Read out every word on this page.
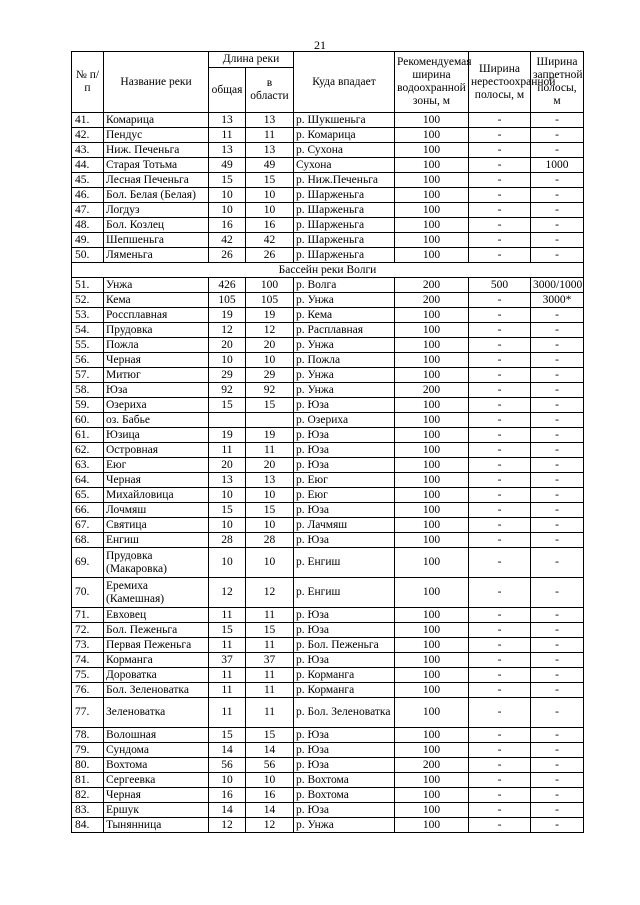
21
№ п/п	Название реки	Длина реки		Куда впадает	Рекомендуемая ширина водоохранной зоны, м	Ширина нерестоохранной полосы, м	Ширина запретной полосы, м
		общая	в области				
41.	Комарица	13	13	р. Шукшеньга	100	-	-
42.	Пендус	11	11	р. Комарица	100	-	-
43.	Ниж. Печеньга	13	13	р. Сухона	100	-	-
44.	Старая Тотьма	49	49	Сухона	100	-	1000
45.	Лесная Печеньга	15	15	р. Ниж.Печеньга	100	-	-
46.	Бол. Белая (Белая)	10	10	р. Шарженьга	100	-	-
47.	Логдуз	10	10	р. Шарженьга	100	-	-
48.	Бол. Козлец	16	16	р. Шарженьга	100	-	-
49.	Шепшеньга	42	42	р. Шарженьга	100	-	-
50.	Ляменьга	26	26	р. Шарженьга	100	-	-
Бассейн реки Волги							
51.	Унжа	426	100	р. Волга	200	500	3000/1000
52.	Кема	105	105	р. Унжа	200	-	3000*
53.	Россплавная	19	19	р. Кема	100	-	-
54.	Прудовка	12	12	р. Расплавная	100	-	-
55.	Пожла	20	20	р. Унжа	100	-	-
56.	Черная	10	10	р. Пожла	100	-	-
57.	Митюг	29	29	р. Унжа	100	-	-
58.	Юза	92	92	р. Унжа	200	-	-
59.	Озериха	15	15	р. Юза	100	-	-
60.	оз. Бабье			р. Озериха	100	-	-
61.	Юзица	19	19	р. Юза	100	-	-
62.	Островная	11	11	р. Юза	100	-	-
63.	Еюг	20	20	р. Юза	100	-	-
64.	Черная	13	13	р. Еюг	100	-	-
65.	Михайловица	10	10	р. Еюг	100	-	-
66.	Лочмяш	15	15	р. Юза	100	-	-
67.	Святица	10	10	р. Лачмяш	100	-	-
68.	Енгиш	28	28	р. Юза	100	-	-
69.	Прудовка (Макаровка)	10	10	р. Енгиш	100	-	-
70.	Еремиха (Камешная)	12	12	р. Енгиш	100	-	-
71.	Евховец	11	11	р. Юза	100	-	-
72.	Бол. Пеженьга	15	15	р. Юза	100	-	-
73.	Первая Пеженьга	11	11	р. Бол. Пеженьга	100	-	-
74.	Корманга	37	37	р. Юза	100	-	-
75.	Дороватка	11	11	р. Корманга	100	-	-
76.	Бол. Зеленоватка	11	11	р. Корманга	100	-	-
77.	Зеленоватка	11	11	р. Бол. Зеленоватка	100	-	-
78.	Волошная	15	15	р. Юза	100	-	-
79.	Сундома	14	14	р. Юза	100	-	-
80.	Вохтома	56	56	р. Юза	200	-	-
81.	Сергеевка	10	10	р. Вохтома	100	-	-
82.	Черная	16	16	р. Вохтома	100	-	-
83.	Ершук	14	14	р. Юза	100	-	-
84.	Тынянница	12	12	р. Унжа	100	-	-
